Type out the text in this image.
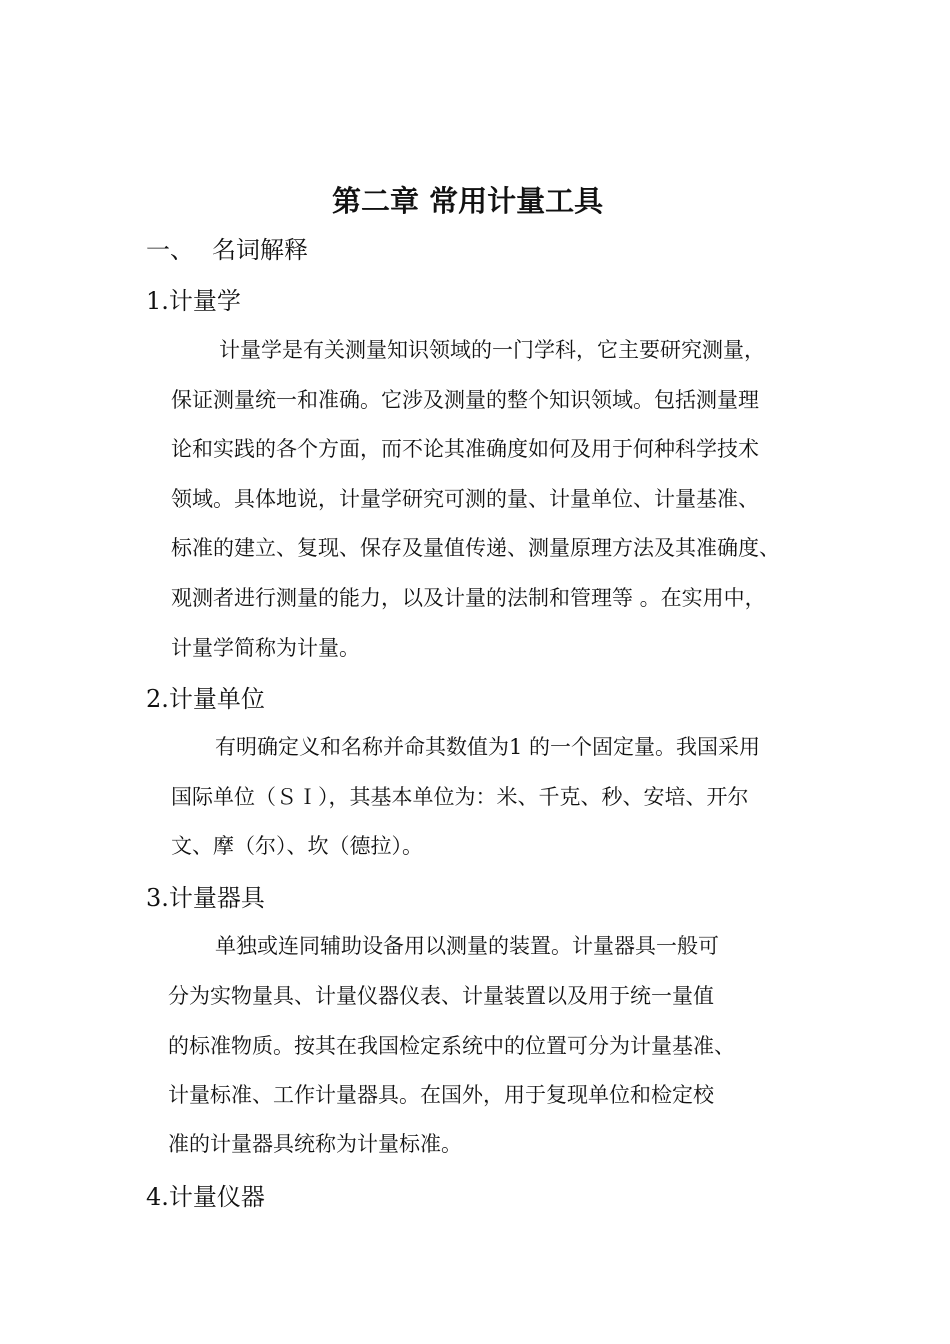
第二章 常用计量工具
一、 名词解释
1.计量学

计量学是有关测量知识领域的一门学科，它主要研究测量，

保证测量统一和准确。它涉及测量的整个知识领域。包括测量理

论和实践的各个方面，而不论其准确度如何及用于何种科学技术

领域。具体地说，计量学研究可测的量、计量单位、计量基准、

标准的建立、复现、保存及量值传递、测量原理方法及其准确度、

观测者进行测量的能力，以及计量的法制和管理等 。在实用中，

计量学简称为计量。

2.计量单位

有明确定义和名称并命其数值为1 的一个固定量。我国采用

国际单位（ＳＩ），其基本单位为：米、千克、秒、安培、开尔

文、摩（尔）、坎（德拉）。

3.计量器具

单独或连同辅助设备用以测量的装置。计量器具一般可

分为实物量具、计量仪器仪表、计量装置以及用于统一量值

的标准物质。按其在我国检定系统中的位置可分为计量基准、

计量标准、工作计量器具。在国外，用于复现单位和检定校

准的计量器具统称为计量标准。

4.计量仪器
